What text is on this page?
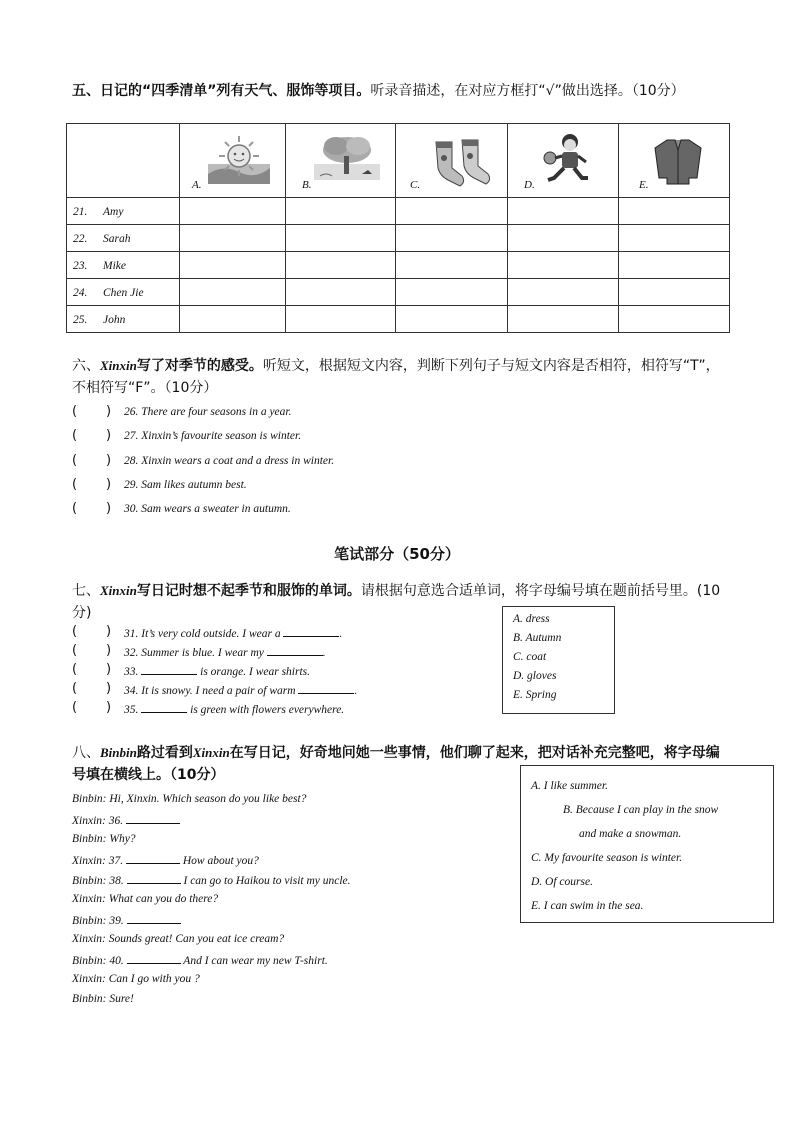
五、日记的“四季清单”列有天气、服饰等项目。听录音描述，在对应方框打“√”做出选择。（10分）

	A.	B.	C.	D.	E.

21. Amy					

22. Sarah					

23. Mike					

24. Chen Jie					

25. John					

六、Xinxin写了对季节的感受。听短文，根据短文内容，判断下列句子与短文内容是否相符，相符写“T”，不相符写“F”。（10分）
(       ) 26. There are four seasons in a year.
(       ) 27. Xinxin’s favourite season is winter.
(       ) 28. Xinxin wears a coat and a dress in winter.
(       ) 29. Sam likes autumn best.
(       ) 30. Sam wears a sweater in autumn.
笔试部分（50分）
七、Xinxin写日记时想不起季节和服饰的单词。请根据句意选合适单词，将字母编号填在题前括号里。(10分)
(       ) 31. It’s very cold outside. I wear a	.
(       ) 32. Summer is blue. I wear my	.
(       ) 33.	is orange. I wear shirts.
(       ) 34. It is snowy. I need a pair of warm	.
(       ) 35.	is green with flowers everywhere.
A. dress
B. Autumn
C. coat
D. gloves
E. Spring
八、Binbin路过看到Xinxin在写日记，好奇地问她一些事情，他们聊了起来，把对话补充完整吧，将字母编号填在横线上。（10分）
A. I like summer.
B. Because I can play in the snow
and make a snowman.
C. My favourite season is winter.
D. Of course.
E. I can swim in the sea.
Binbin: Hi, Xinxin. Which season do you like best?
Xinxin: 36.
Binbin: Why?
Xinxin: 37.	How about you?
Binbin: 38.	I can go to Haikou to visit my uncle.
Xinxin: What can you do there?
Binbin: 39.
Xinxin: Sounds great! Can you eat ice cream?
Binbin: 40.	And I can wear my new T-shirt.
Xinxin: Can I go with you ?
Binbin: Sure!
